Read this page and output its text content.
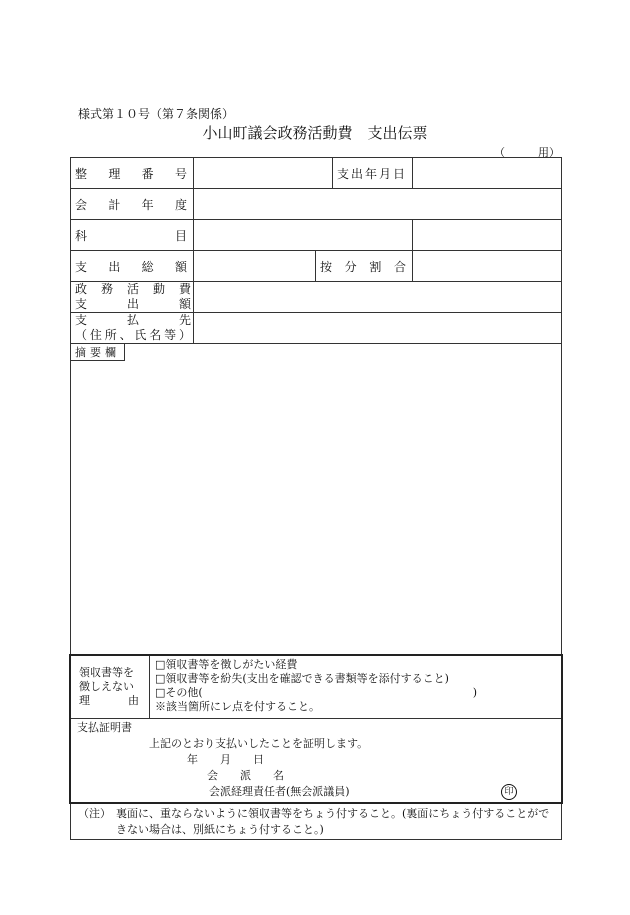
様式第１０号（第７条関係）
小山町議会政務活動費　支出伝票
（　　　用）
整　理　番　号			支出年月日	
会　計　年　度				
科　　　　　目				
支　出　総　額		按　分　割　合		

政　務　活　動　費
支　　出　　額				

支　　払　　先
（住所、氏名等）				

摘要欄				
領収書等を
徴しえない
理　　由
□領収書等を徴しがたい経費
□領収書等を紛失(支出を確認できる書類等を添付すること)
□その他(	)
※該当箇所にレ点を付すること。
支払証明書
上記のとおり支払いしたことを証明します。
年　　月　　日
会　　派　　名
会派経理責任者(無会派議員)	印
（注） 裏面に、重ならないように領収書等をちょう付すること。(裏面にちょう付することができない場合は、別紙にちょう付すること。)
